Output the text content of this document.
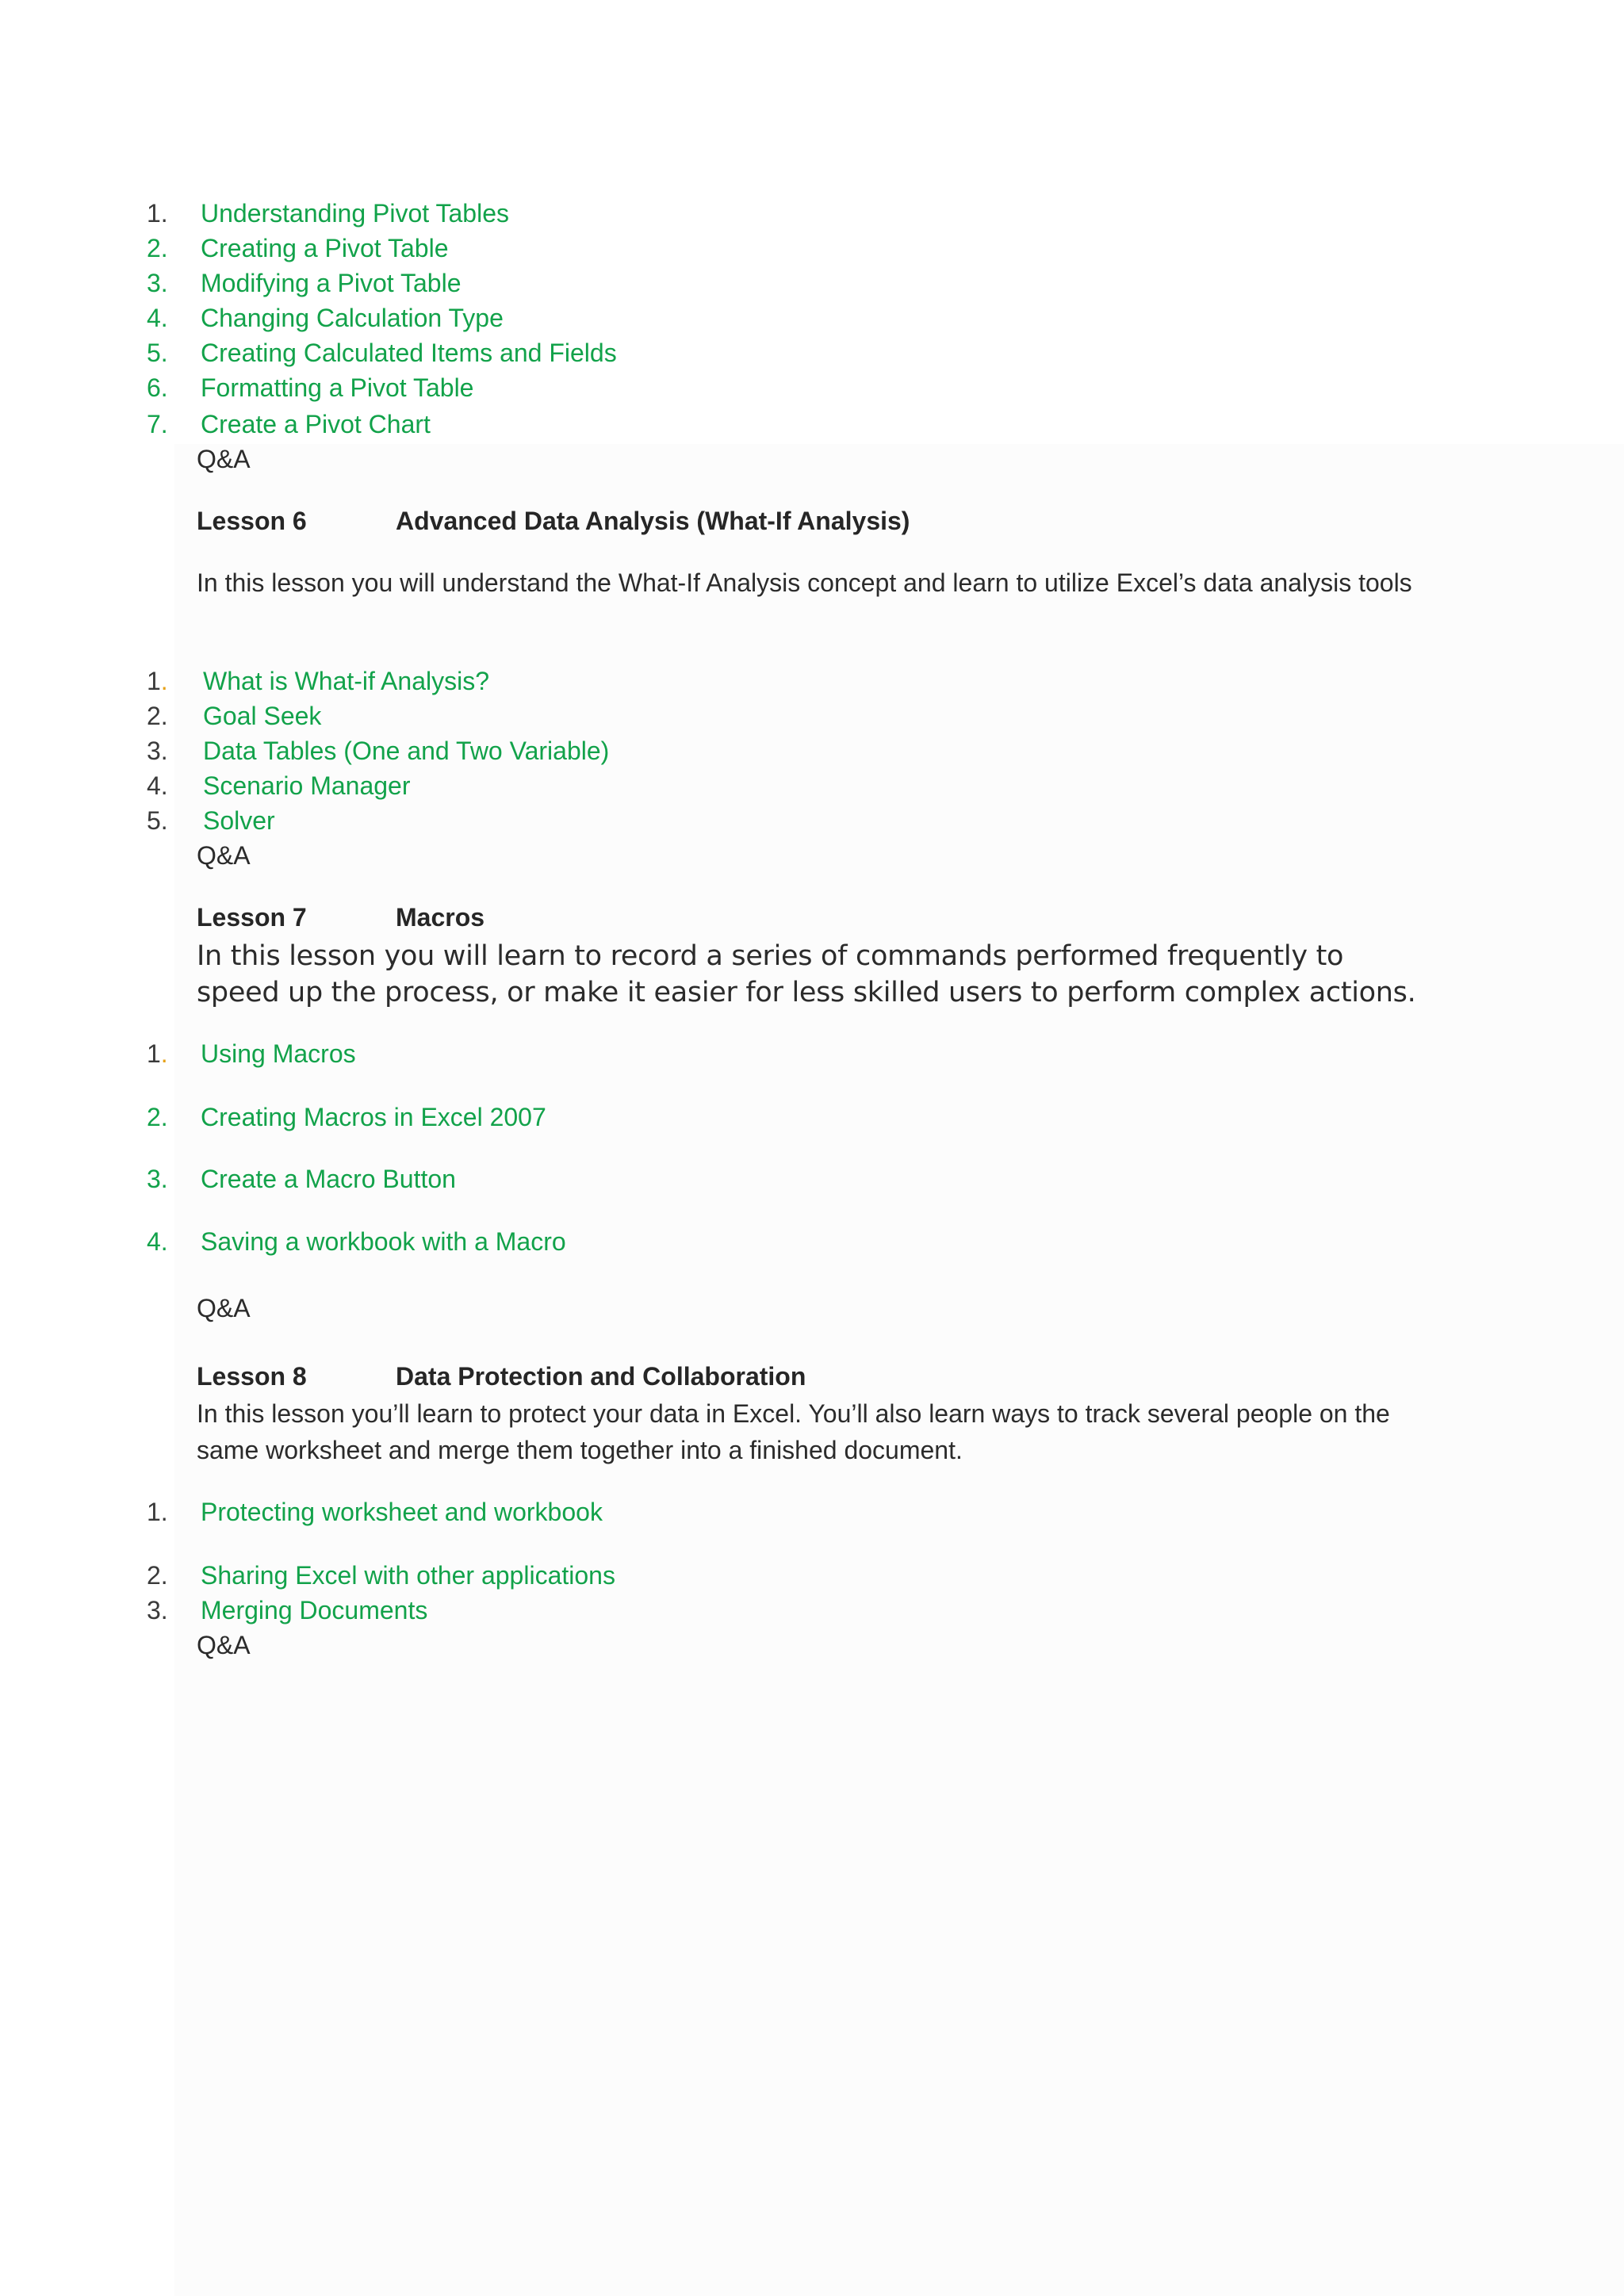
1.	Understanding Pivot Tables
2.	Creating a Pivot Table
3.	Modifying a Pivot Table
4.	Changing Calculation Type
5.	Creating Calculated Items and Fields
6.	Formatting a Pivot Table
7.	Create a Pivot Chart
Q&A
Lesson 6	Advanced Data Analysis (What-If Analysis)
In this lesson you will understand the What-If Analysis concept and learn to utilize Excel’s data analysis tools
1.	What is What-if Analysis?
2.	Goal Seek
3.	Data Tables (One and Two Variable)
4.	Scenario Manager
5.	Solver
Q&A
Lesson 7	Macros
In this lesson you will learn to record a series of commands performed frequently to speed up the process, or make it easier for less skilled users to perform complex actions.
1.	Using Macros
2.	Creating Macros in Excel 2007
3.	Create a Macro Button
4.	Saving a workbook with a Macro
Q&A
Lesson 8	Data Protection and Collaboration
In this lesson you’ll learn to protect your data in Excel. You’ll also learn ways to track several people on the same worksheet and merge them together into a finished document.
1.	Protecting worksheet and workbook
2.	Sharing Excel with other applications
3.	Merging Documents
Q&A
